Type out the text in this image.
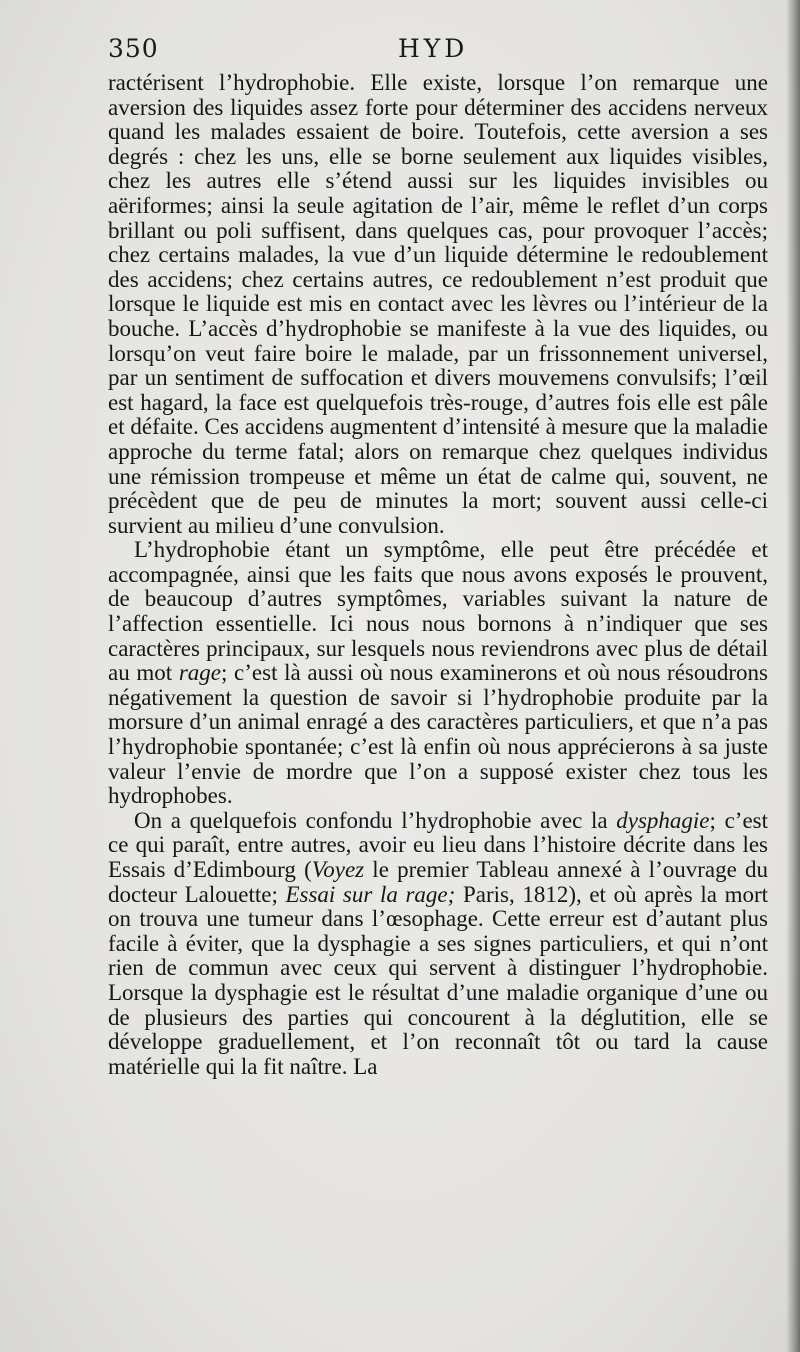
350	HYD

ractérisent l’hydrophobie. Elle existe, lorsque l’on remarque une aversion des liquides assez forte pour déterminer des accidens nerveux quand les malades essaient de boire. Toutefois, cette aversion a ses degrés : chez les uns, elle se borne seulement aux liquides visibles, chez les autres elle s’étend aussi sur les liquides invisibles ou aëriformes; ainsi la seule agitation de l’air, même le reflet d’un corps brillant ou poli suffisent, dans quelques cas, pour provoquer l’accès; chez certains malades, la vue d’un liquide détermine le redoublement des accidens; chez certains autres, ce redoublement n’est produit que lorsque le liquide est mis en contact avec les lèvres ou l’intérieur de la bouche. L’accès d’hydrophobie se manifeste à la vue des liquides, ou lorsqu’on veut faire boire le malade, par un frissonnement universel, par un sentiment de suffocation et divers mouvemens convulsifs; l’œil est hagard, la face est quelquefois très-rouge, d’autres fois elle est pâle et défaite. Ces accidens augmentent d’intensité à mesure que la maladie approche du terme fatal; alors on remarque chez quelques individus une rémission trompeuse et même un état de calme qui, souvent, ne précèdent que de peu de minutes la mort; souvent aussi celle-ci survient au milieu d’une convulsion.

L’hydrophobie étant un symptôme, elle peut être précédée et accompagnée, ainsi que les faits que nous avons exposés le prouvent, de beaucoup d’autres symptômes, variables suivant la nature de l’affection essentielle. Ici nous nous bornons à n’indiquer que ses caractères principaux, sur lesquels nous reviendrons avec plus de détail au mot rage; c’est là aussi où nous examinerons et où nous résoudrons négativement la question de savoir si l’hydrophobie produite par la morsure d’un animal enragé a des caractères particuliers, et que n’a pas l’hydrophobie spontanée; c’est là enfin où nous apprécierons à sa juste valeur l’envie de mordre que l’on a supposé exister chez tous les hydrophobes.

On a quelquefois confondu l’hydrophobie avec la dysphagie; c’est ce qui paraît, entre autres, avoir eu lieu dans l’histoire décrite dans les Essais d’Edimbourg (Voyez le premier Tableau annexé à l’ouvrage du docteur Lalouette; Essai sur la rage; Paris, 1812), et où après la mort on trouva une tumeur dans l’œsophage. Cette erreur est d’autant plus facile à éviter, que la dysphagie a ses signes particuliers, et qui n’ont rien de commun avec ceux qui servent à distinguer l’hydrophobie. Lorsque la dysphagie est le résultat d’une maladie organique d’une ou de plusieurs des parties qui concourent à la déglutition, elle se développe graduellement, et l’on reconnaît tôt ou tard la cause matérielle qui la fit naître. La
